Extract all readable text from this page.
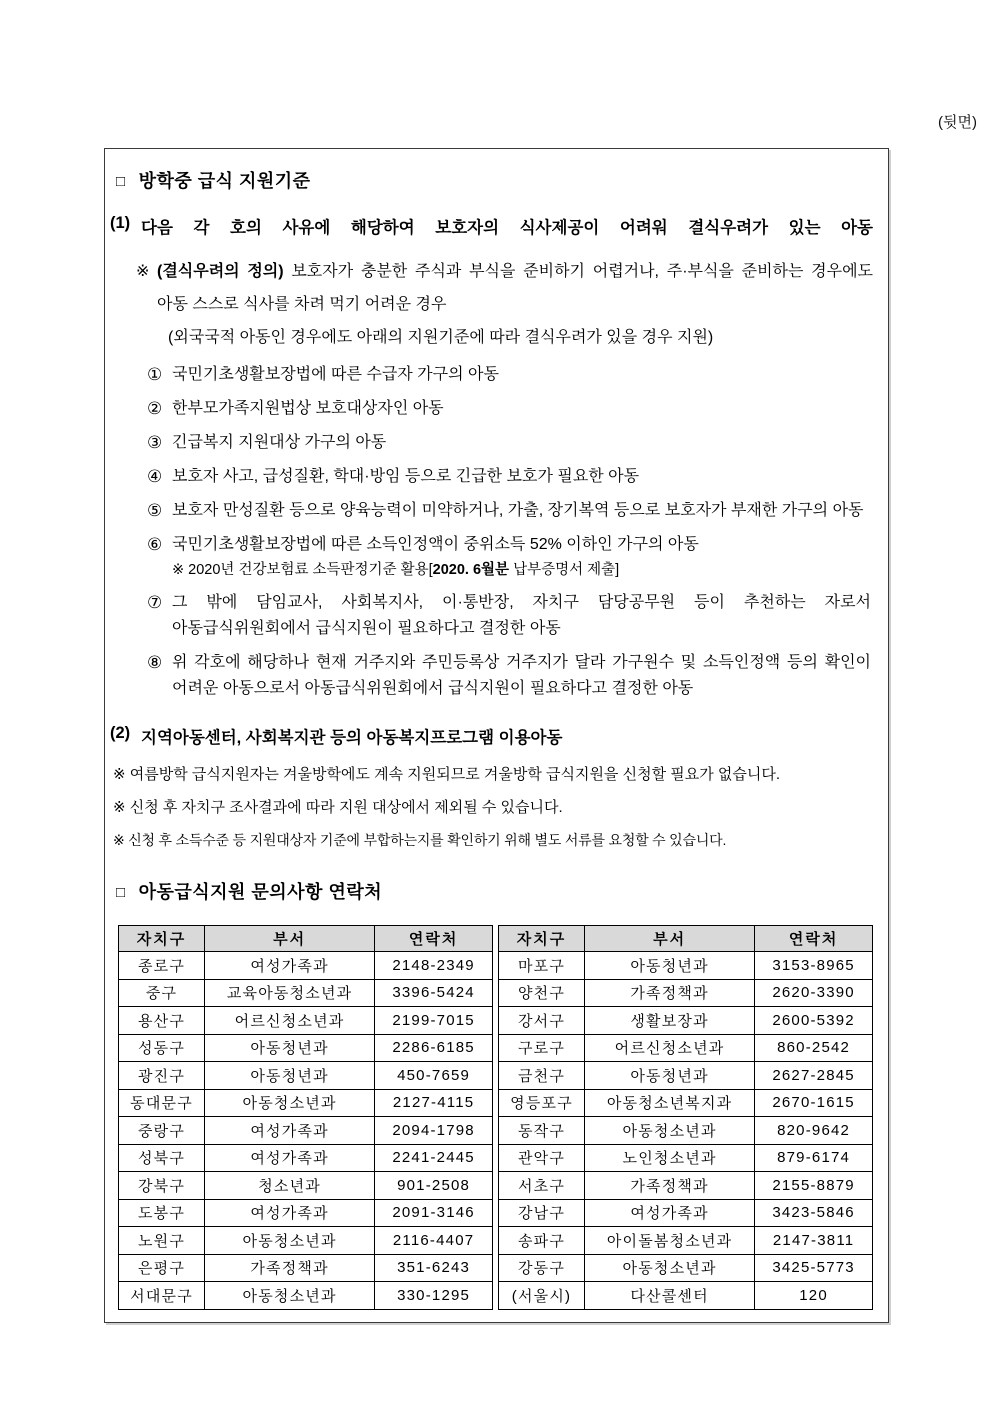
(뒷면)
□ 방학중 급식 지원기준
(1) 다음 각 호의 사유에 해당하여 보호자의 식사제공이 어려워 결식우려가 있는 아동
※ (결식우려의 정의) 보호자가 충분한 주식과 부식을 준비하기 어렵거나, 주·부식을 준비하는 경우에도 아동 스스로 식사를 차려 먹기 어려운 경우
(외국국적 아동인 경우에도 아래의 지원기준에 따라 결식우려가 있을 경우 지원)
① 국민기초생활보장법에 따른 수급자 가구의 아동
② 한부모가족지원법상 보호대상자인 아동
③ 긴급복지 지원대상 가구의 아동
④ 보호자 사고, 급성질환, 학대·방임 등으로 긴급한 보호가 필요한 아동
⑤ 보호자 만성질환 등으로 양육능력이 미약하거나, 가출, 장기복역 등으로 보호자가 부재한 가구의 아동
⑥ 국민기초생활보장법에 따른 소득인정액이 중위소득 52% 이하인 가구의 아동
※ 2020년 건강보험료 소득판정기준 활용[2020. 6월분 납부증명서 제출]
⑦ 그 밖에 담임교사, 사회복지사, 이·통반장, 자치구 담당공무원 등이 추천하는 자로서 아동급식위원회에서 급식지원이 필요하다고 결정한 아동
⑧ 위 각호에 해당하나 현재 거주지와 주민등록상 거주지가 달라 가구원수 및 소득인정액 등의 확인이 어려운 아동으로서 아동급식위원회에서 급식지원이 필요하다고 결정한 아동
(2) 지역아동센터, 사회복지관 등의 아동복지프로그램 이용아동
※ 여름방학 급식지원자는 겨울방학에도 계속 지원되므로 겨울방학 급식지원을 신청할 필요가 없습니다.
※ 신청 후 자치구 조사결과에 따라 지원 대상에서 제외될 수 있습니다.
※ 신청 후 소득수준 등 지원대상자 기준에 부합하는지를 확인하기 위해 별도 서류를 요청할 수 있습니다.
□ 아동급식지원 문의사항 연락처
자치구	부서	연락처
종로구	여성가족과	2148-2349
중구	교육아동청소년과	3396-5424
용산구	어르신청소년과	2199-7015
성동구	아동청년과	2286-6185
광진구	아동청년과	450-7659
동대문구	아동청소년과	2127-4115
중랑구	여성가족과	2094-1798
성북구	여성가족과	2241-2445
강북구	청소년과	901-2508
도봉구	여성가족과	2091-3146
노원구	아동청소년과	2116-4407
은평구	가족정책과	351-6243
서대문구	아동청소년과	330-1295
자치구	부서	연락처
마포구	아동청년과	3153-8965
양천구	가족정책과	2620-3390
강서구	생활보장과	2600-5392
구로구	어르신청소년과	860-2542
금천구	아동청년과	2627-2845
영등포구	아동청소년복지과	2670-1615
동작구	아동청소년과	820-9642
관악구	노인청소년과	879-6174
서초구	가족정책과	2155-8879
강남구	여성가족과	3423-5846
송파구	아이돌봄청소년과	2147-3811
강동구	아동청소년과	3425-5773
(서울시)	다산콜센터	120
